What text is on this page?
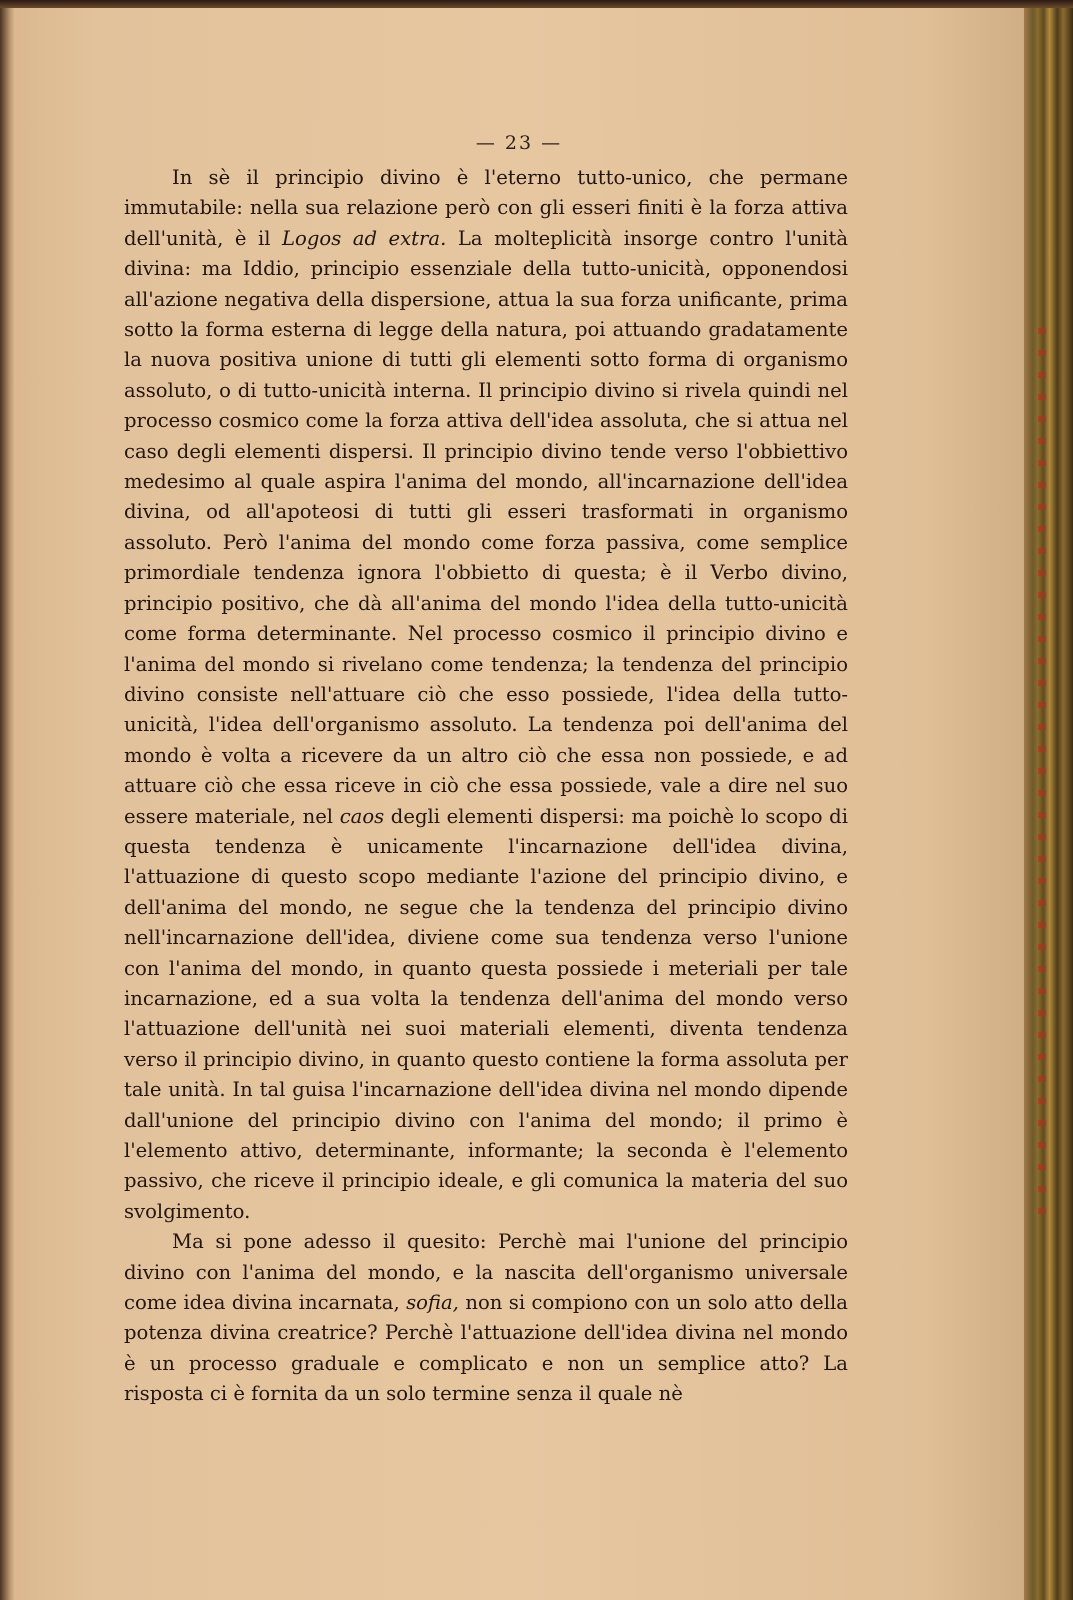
— 23 —

In sè il principio divino è l'eterno tutto-unico, che permane immutabile: nella sua relazione però con gli esseri finiti è la forza attiva dell'unità, è il Logos ad extra. La molteplicità insorge contro l'unità divina: ma Iddio, principio essenziale della tutto-unicità, opponendosi all'azione negativa della dispersione, attua la sua forza unificante, prima sotto la forma esterna di legge della natura, poi attuando gradatamente la nuova positiva unione di tutti gli elementi sotto forma di organismo assoluto, o di tutto-unicità interna. Il principio divino si rivela quindi nel processo cosmico come la forza attiva dell'idea assoluta, che si attua nel caso degli elementi dispersi. Il principio divino tende verso l'obbiettivo medesimo al quale aspira l'anima del mondo, all'incarnazione dell'idea divina, od all'apoteosi di tutti gli esseri trasformati in organismo assoluto. Però l'anima del mondo come forza passiva, come semplice primordiale tendenza ignora l'obbietto di questa; è il Verbo divino, principio positivo, che dà all'anima del mondo l'idea della tutto-unicità come forma determinante. Nel processo cosmico il principio divino e l'anima del mondo si rivelano come tendenza; la tendenza del principio divino consiste nell'attuare ciò che esso possiede, l'idea della tutto-unicità, l'idea dell'organismo assoluto. La tendenza poi dell'anima del mondo è volta a ricevere da un altro ciò che essa non possiede, e ad attuare ciò che essa riceve in ciò che essa possiede, vale a dire nel suo essere materiale, nel caos degli elementi dispersi: ma poichè lo scopo di questa tendenza è unicamente l'incarnazione dell'idea divina, l'attuazione di questo scopo mediante l'azione del principio divino, e dell'anima del mondo, ne segue che la tendenza del principio divino nell'incarnazione dell'idea, diviene come sua tendenza verso l'unione con l'anima del mondo, in quanto questa possiede i meteriali per tale incarnazione, ed a sua volta la tendenza dell'anima del mondo verso l'attuazione dell'unità nei suoi materiali elementi, diventa tendenza verso il principio divino, in quanto questo contiene la forma assoluta per tale unità. In tal guisa l'incarnazione dell'idea divina nel mondo dipende dall'unione del principio divino con l'anima del mondo; il primo è l'elemento attivo, determinante, informante; la seconda è l'elemento passivo, che riceve il principio ideale, e gli comunica la materia del suo svolgimento.

Ma si pone adesso il quesito: Perchè mai l'unione del principio divino con l'anima del mondo, e la nascita dell'organismo universale come idea divina incarnata, sofia, non si compiono con un solo atto della potenza divina creatrice? Perchè l'attuazione dell'idea divina nel mondo è un processo graduale e complicato e non un semplice atto? La risposta ci è fornita da un solo termine senza il quale nè
